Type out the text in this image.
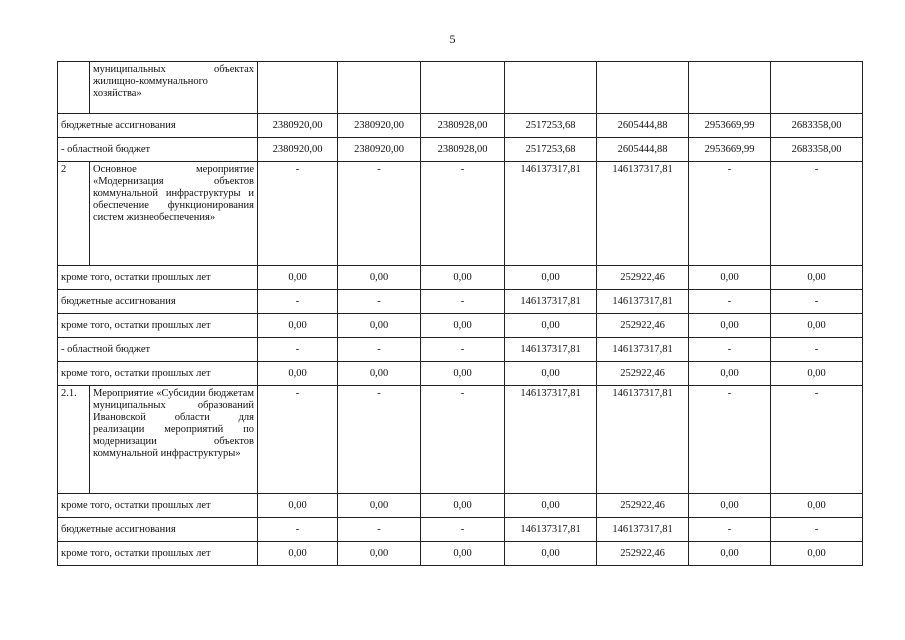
5
	муниципальных объектах жилищно-коммунального хозяйства»							
бюджетные ассигнования		2380920,00	2380920,00	2380928,00	2517253,68	2605444,88	2953669,99	2683358,00
- областной бюджет		2380920,00	2380920,00	2380928,00	2517253,68	2605444,88	2953669,99	2683358,00
2	Основное мероприятие «Модернизация объектов коммунальной инфраструктуры и обеспечение функционирования систем жизнеобеспечения»	-	-	-	146137317,81	146137317,81	-	-
кроме того, остатки прошлых лет		0,00	0,00	0,00	0,00	252922,46	0,00	0,00
бюджетные ассигнования		-	-	-	146137317,81	146137317,81	-	-
кроме того, остатки прошлых лет		0,00	0,00	0,00	0,00	252922,46	0,00	0,00
- областной бюджет		-	-	-	146137317,81	146137317,81	-	-
кроме того, остатки прошлых лет		0,00	0,00	0,00	0,00	252922,46	0,00	0,00
2.1.	Мероприятие «Субсидии бюджетам муниципальных образований Ивановской области для реализации мероприятий по модернизации объектов коммунальной инфраструктуры»	-	-	-	146137317,81	146137317,81	-	-
кроме того, остатки прошлых лет		0,00	0,00	0,00	0,00	252922,46	0,00	0,00
бюджетные ассигнования		-	-	-	146137317,81	146137317,81	-	-
кроме того, остатки прошлых лет		0,00	0,00	0,00	0,00	252922,46	0,00	0,00
